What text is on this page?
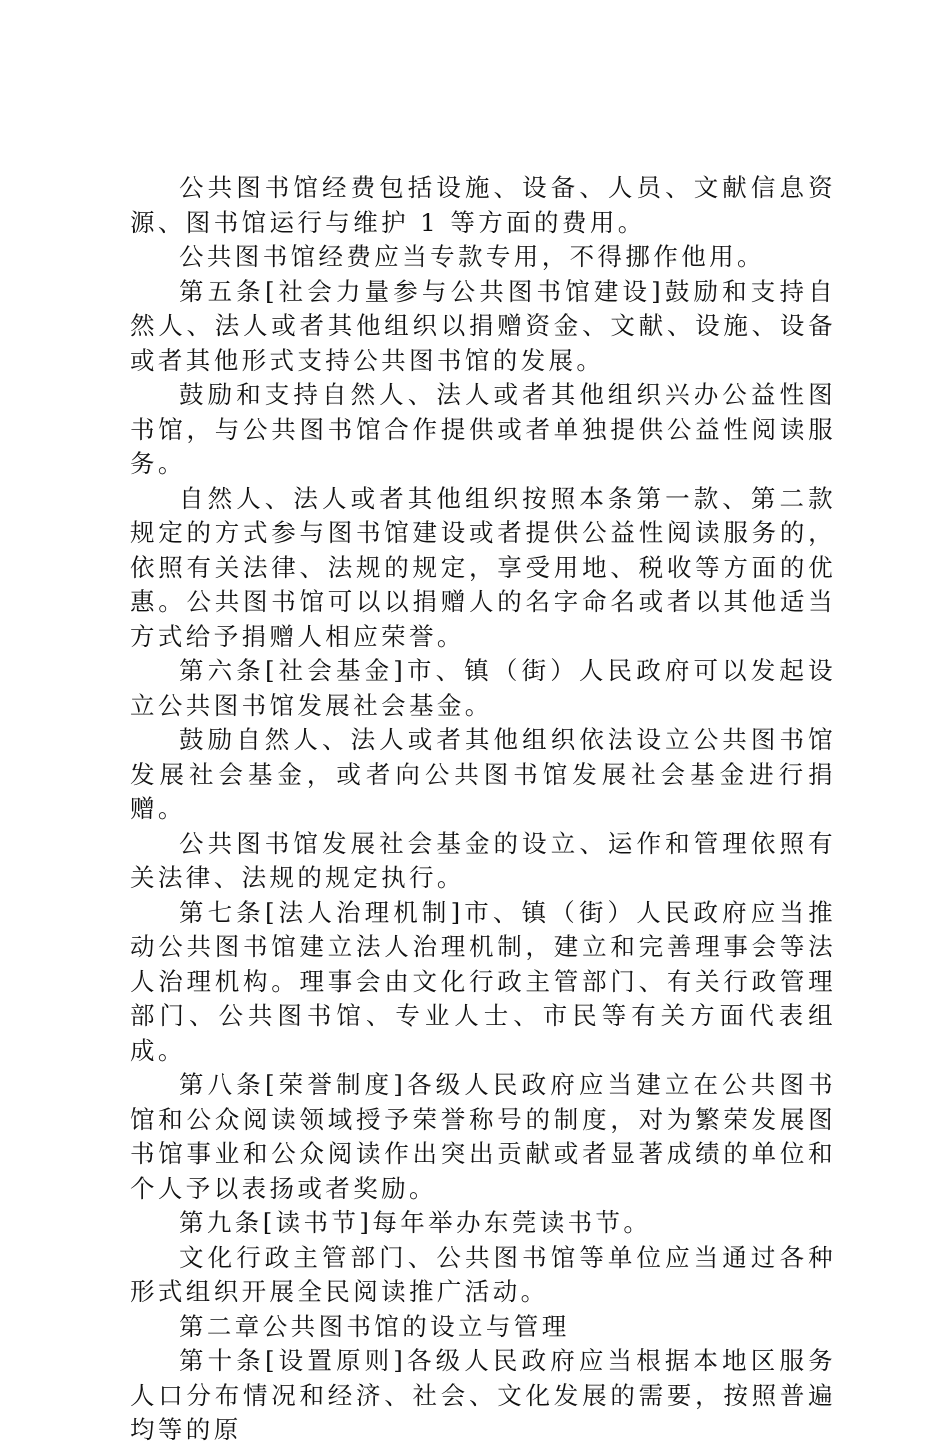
公共图书馆经费包括设施、设备、人员、文献信息资源、图书馆运行与维护 1 等方面的费用。

公共图书馆经费应当专款专用，不得挪作他用。

第五条[社会力量参与公共图书馆建设]鼓励和支持自然人、法人或者其他组织以捐赠资金、文献、设施、设备或者其他形式支持公共图书馆的发展。

鼓励和支持自然人、法人或者其他组织兴办公益性图书馆，与公共图书馆合作提供或者单独提供公益性阅读服务。

自然人、法人或者其他组织按照本条第一款、第二款规定的方式参与图书馆建设或者提供公益性阅读服务的，依照有关法律、法规的规定，享受用地、税收等方面的优惠。公共图书馆可以以捐赠人的名字命名或者以其他适当方式给予捐赠人相应荣誉。

第六条[社会基金]市、镇（街）人民政府可以发起设立公共图书馆发展社会基金。

鼓励自然人、法人或者其他组织依法设立公共图书馆发展社会基金，或者向公共图书馆发展社会基金进行捐赠。

公共图书馆发展社会基金的设立、运作和管理依照有关法律、法规的规定执行。

第七条[法人治理机制]市、镇（街）人民政府应当推动公共图书馆建立法人治理机制，建立和完善理事会等法人治理机构。理事会由文化行政主管部门、有关行政管理部门、公共图书馆、专业人士、市民等有关方面代表组成。

第八条[荣誉制度]各级人民政府应当建立在公共图书馆和公众阅读领域授予荣誉称号的制度，对为繁荣发展图书馆事业和公众阅读作出突出贡献或者显著成绩的单位和个人予以表扬或者奖励。

第九条[读书节]每年举办东莞读书节。

文化行政主管部门、公共图书馆等单位应当通过各种形式组织开展全民阅读推广活动。

第二章公共图书馆的设立与管理

第十条[设置原则]各级人民政府应当根据本地区服务人口分布情况和经济、社会、文化发展的需要，按照普遍均等的原
